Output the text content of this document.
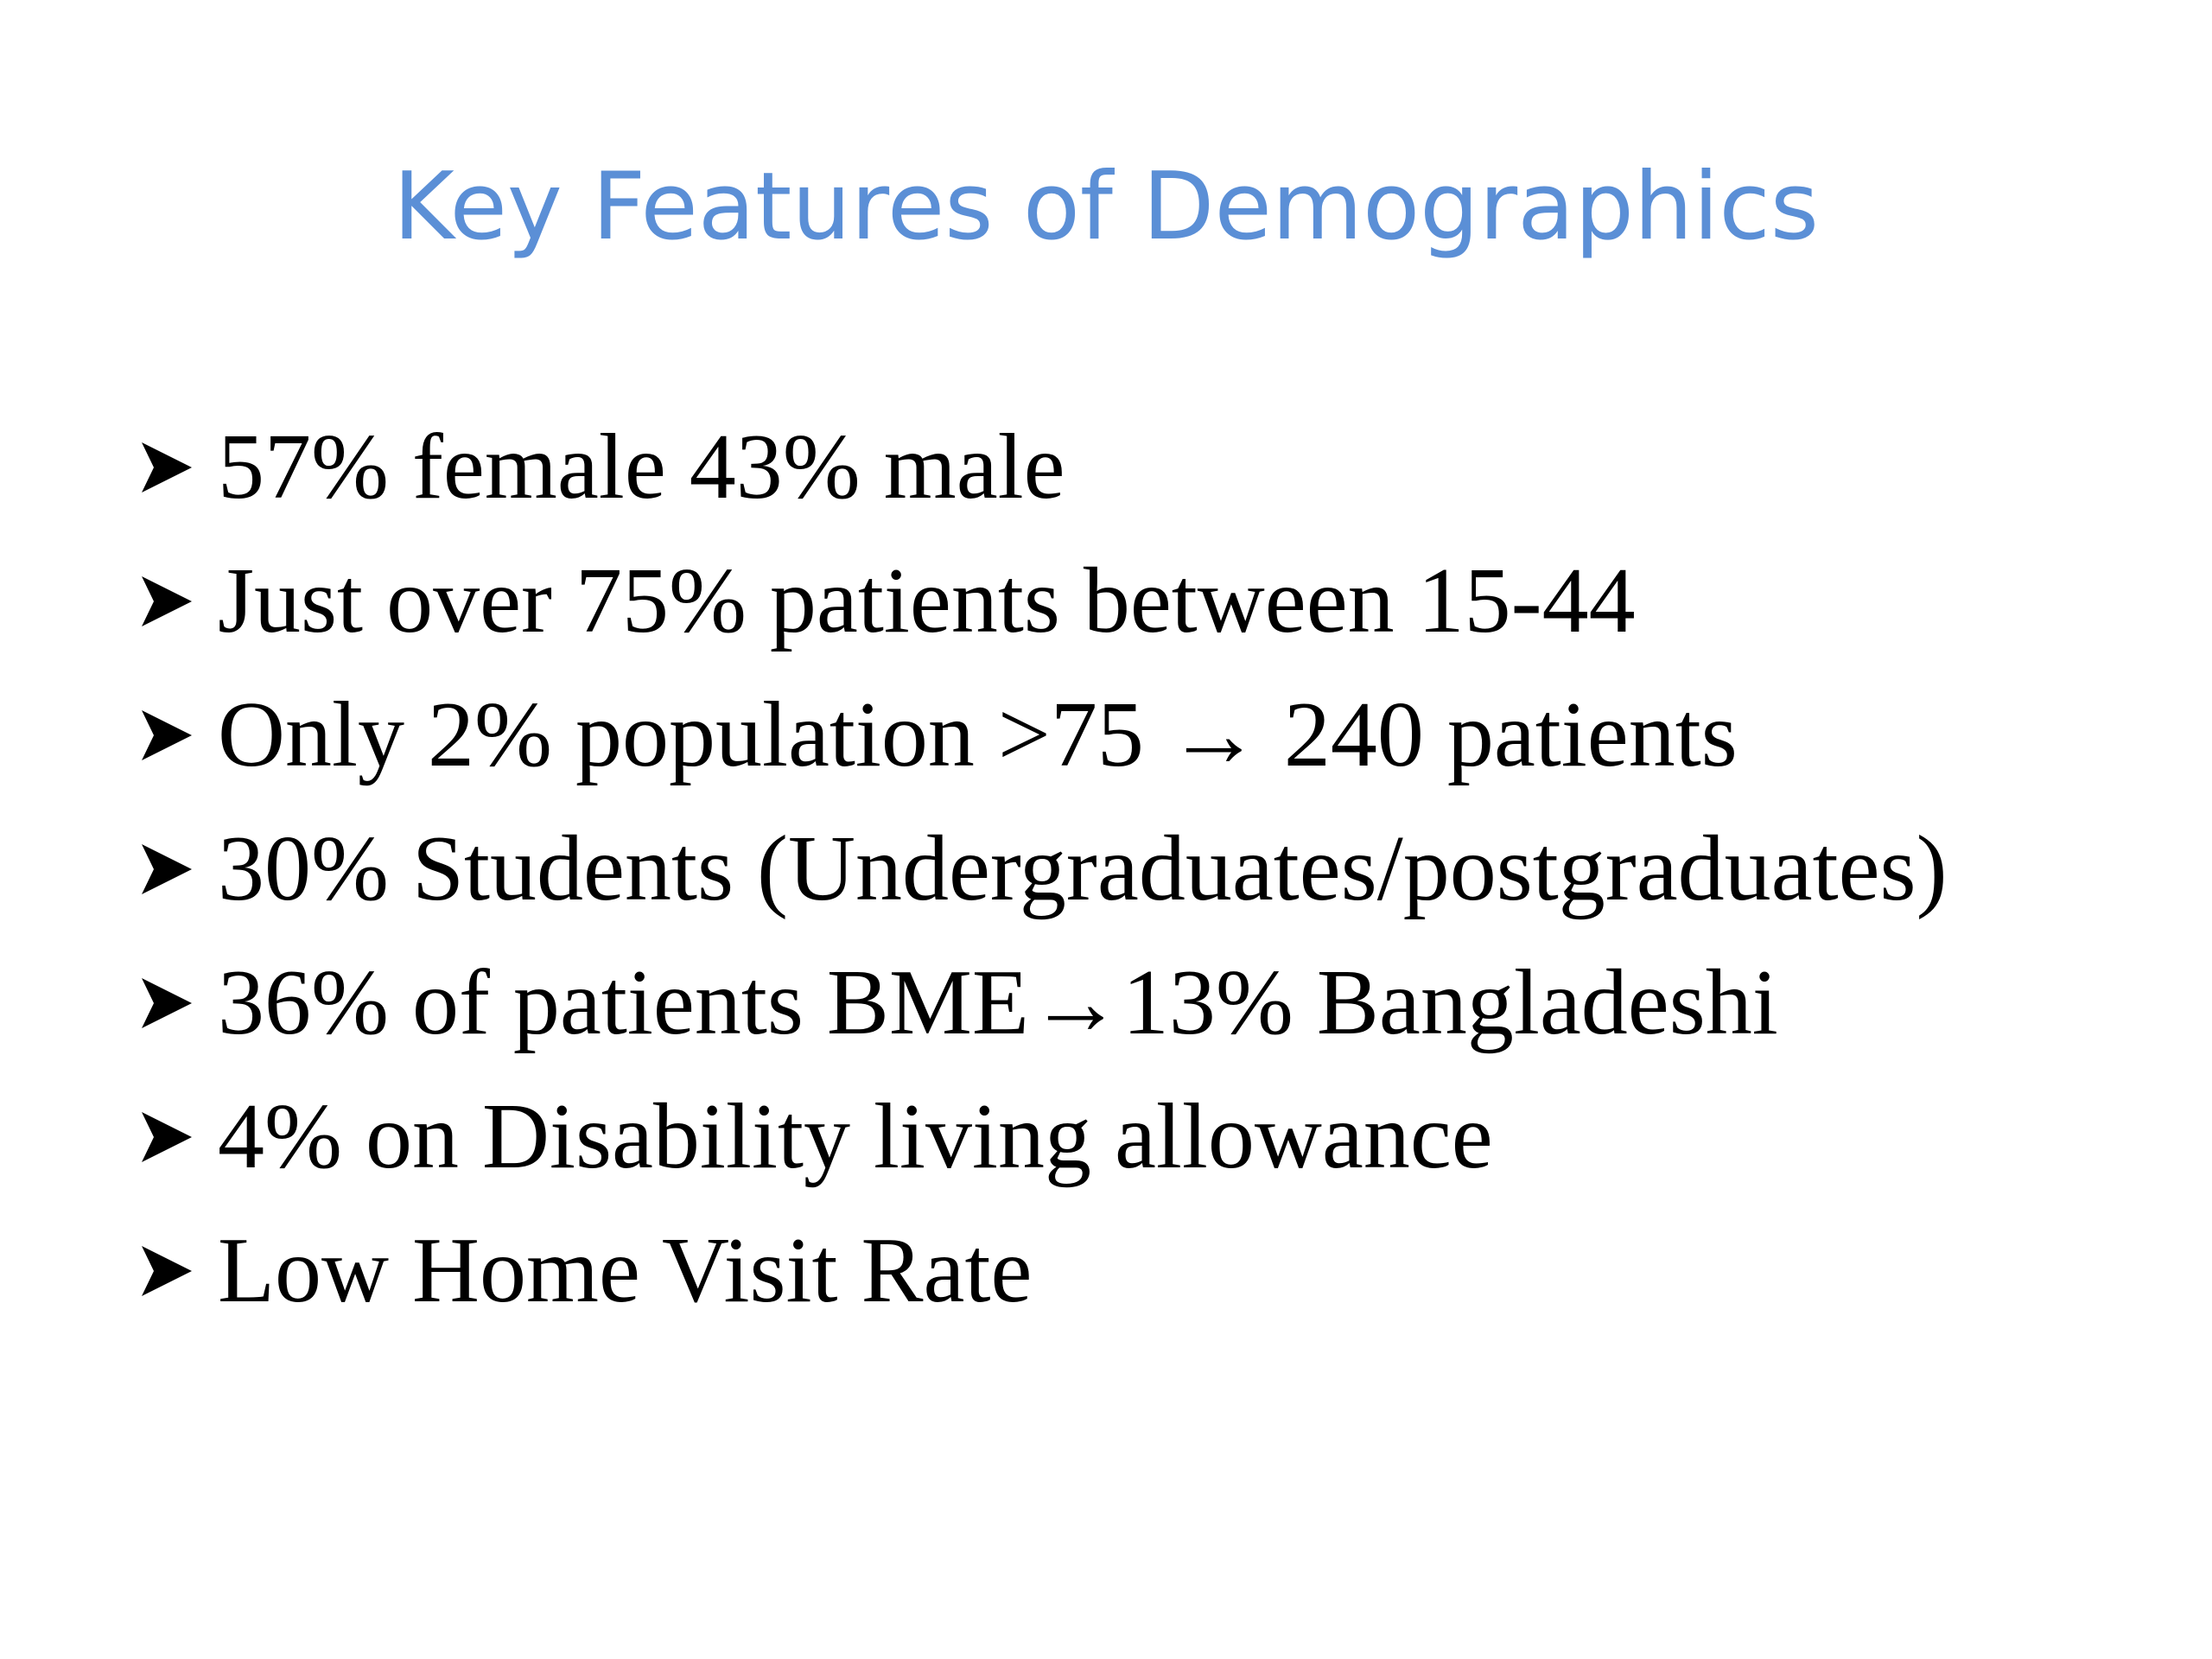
Key Features of Demographics
57% female 43% male
Just over 75% patients between 15-44
Only 2% population >75 → 240 patients
30% Students (Undergraduates/postgraduates)
36% of patients BME→13% Bangladeshi
4% on Disability living allowance
Low Home Visit Rate
